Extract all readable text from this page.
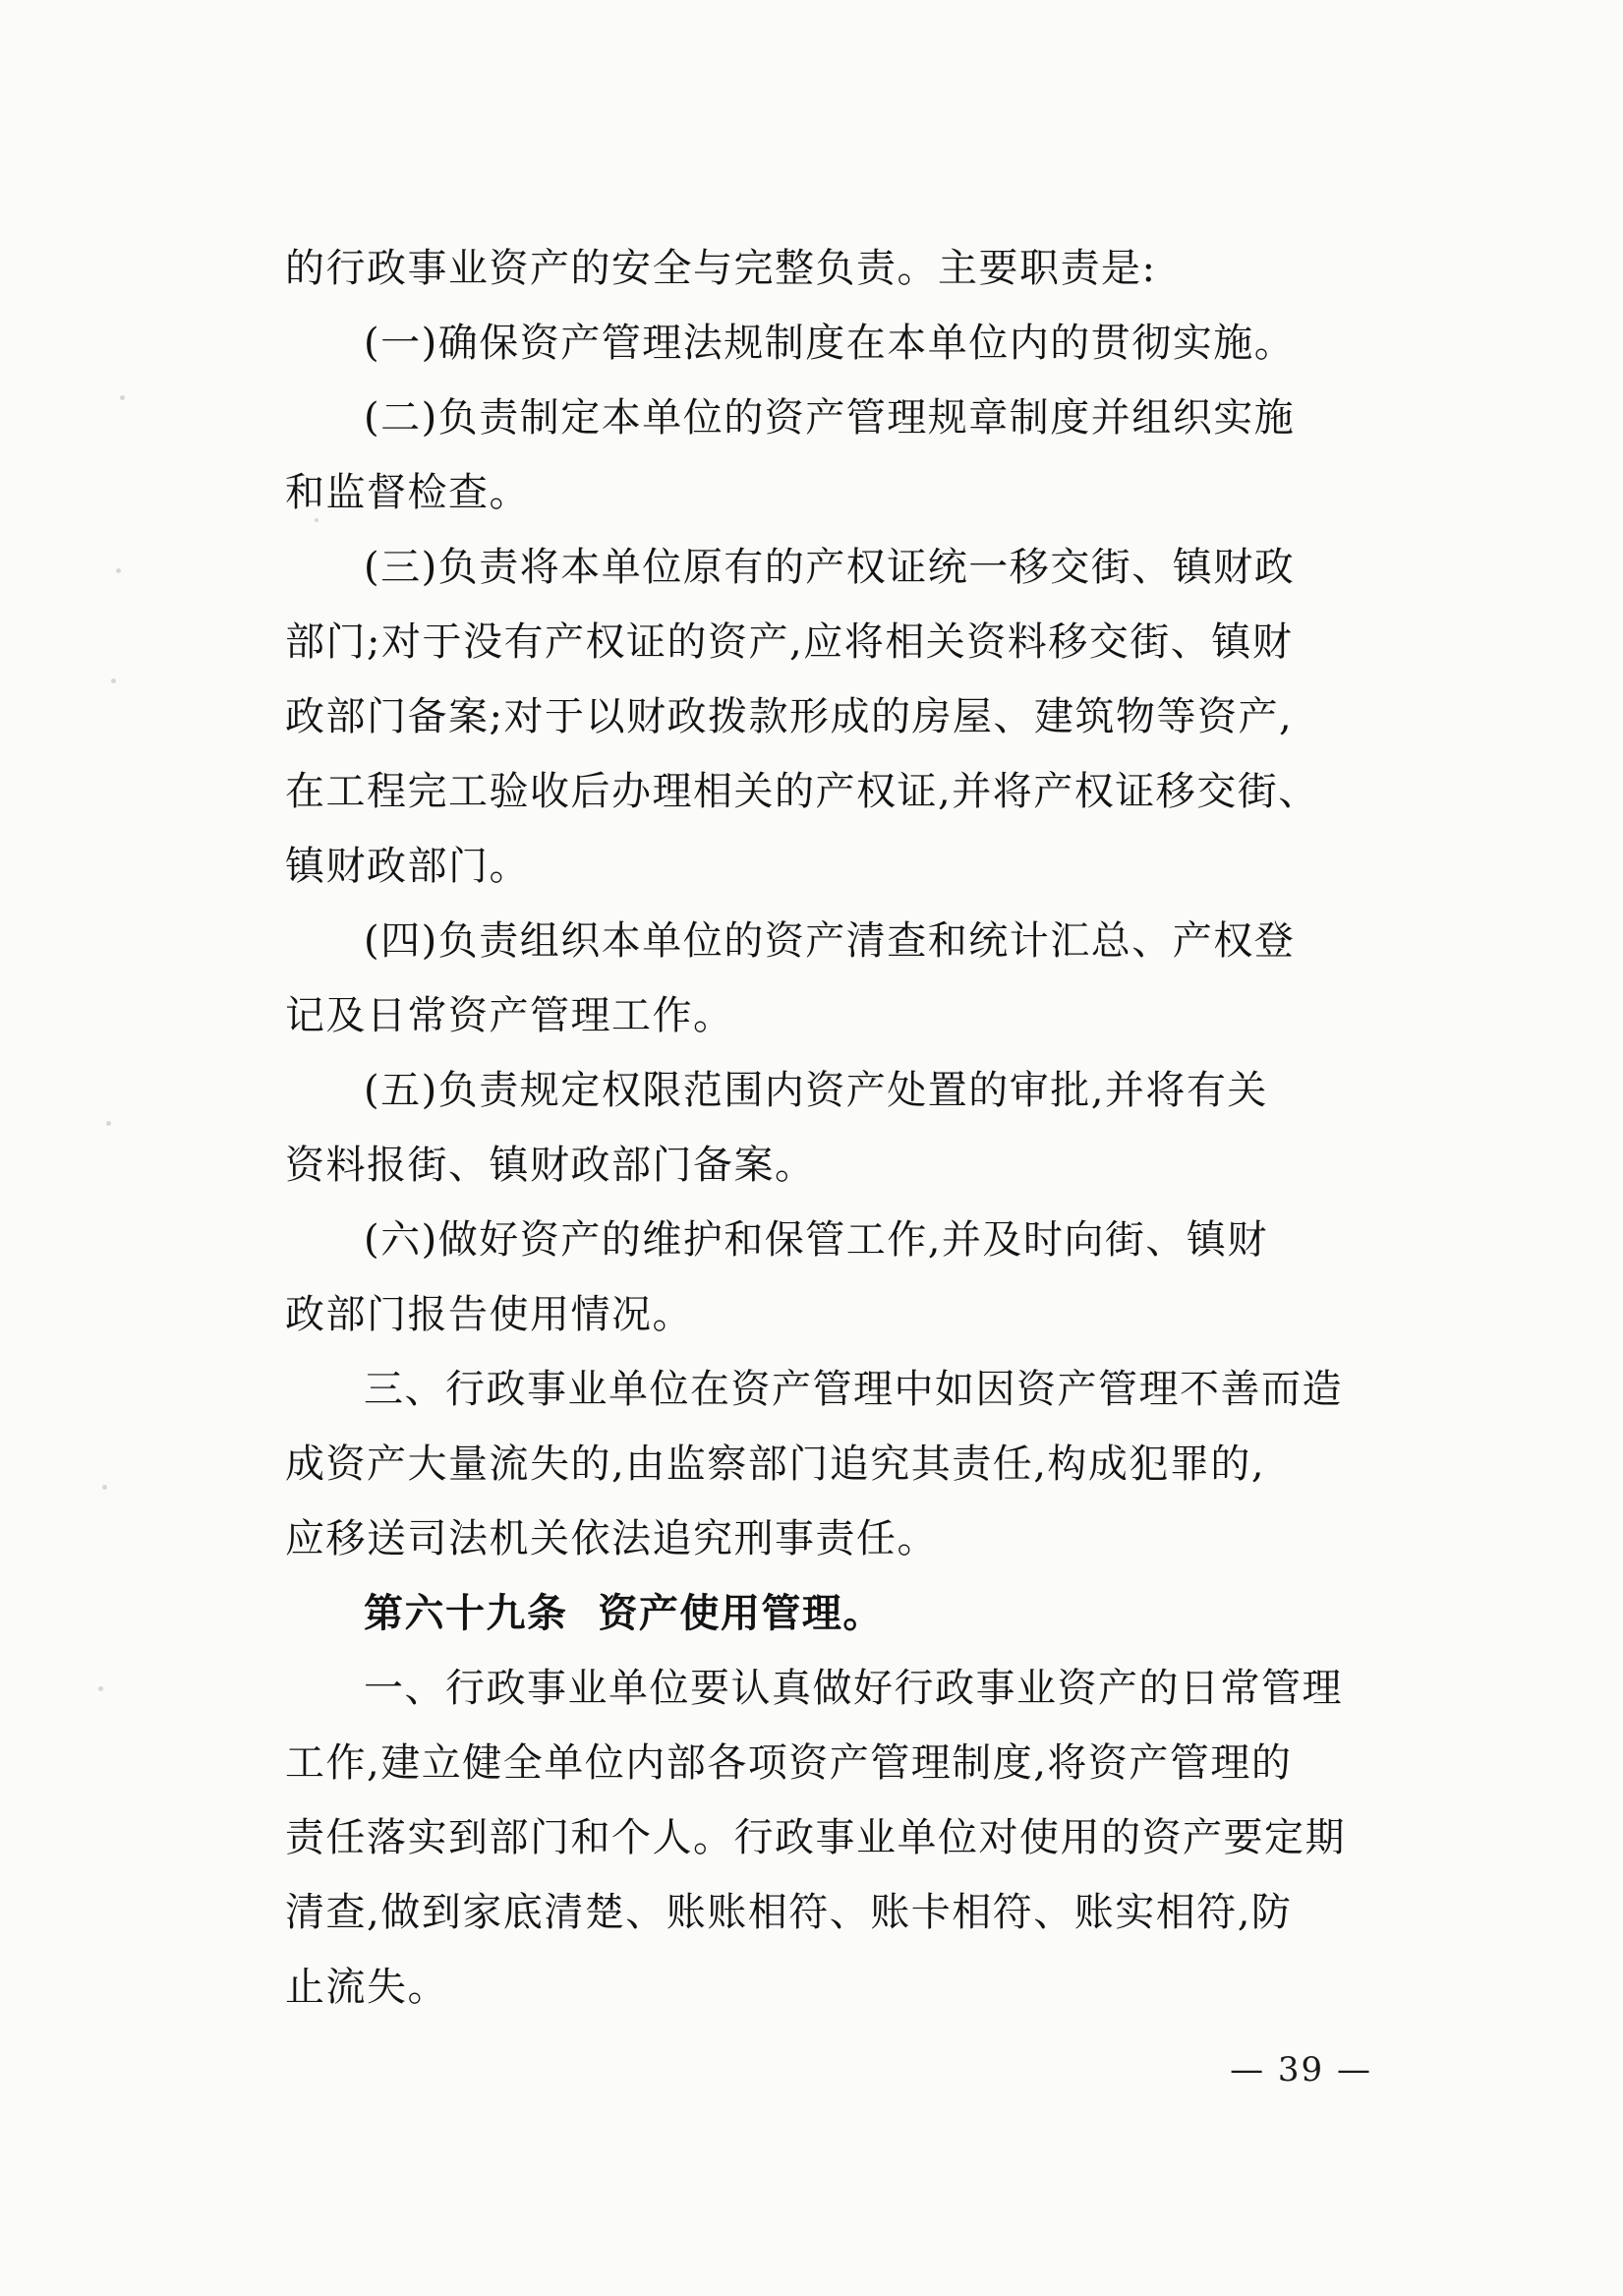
的行政事业资产的安全与完整负责。主要职责是:
(一)确保资产管理法规制度在本单位内的贯彻实施。
(二)负责制定本单位的资产管理规章制度并组织实施
和监督检查。
(三)负责将本单位原有的产权证统一移交街、镇财政
部门;对于没有产权证的资产,应将相关资料移交街、镇财
政部门备案;对于以财政拨款形成的房屋、建筑物等资产,
在工程完工验收后办理相关的产权证,并将产权证移交街、
镇财政部门。
(四)负责组织本单位的资产清查和统计汇总、产权登
记及日常资产管理工作。
(五)负责规定权限范围内资产处置的审批,并将有关
资料报街、镇财政部门备案。
(六)做好资产的维护和保管工作,并及时向街、镇财
政部门报告使用情况。
三、行政事业单位在资产管理中如因资产管理不善而造
成资产大量流失的,由监察部门追究其责任,构成犯罪的,
应移送司法机关依法追究刑事责任。
第六十九条  资产使用管理。
一、行政事业单位要认真做好行政事业资产的日常管理
工作,建立健全单位内部各项资产管理制度,将资产管理的
责任落实到部门和个人。行政事业单位对使用的资产要定期
清查,做到家底清楚、账账相符、账卡相符、账实相符,防
止流失。
— 39 —
